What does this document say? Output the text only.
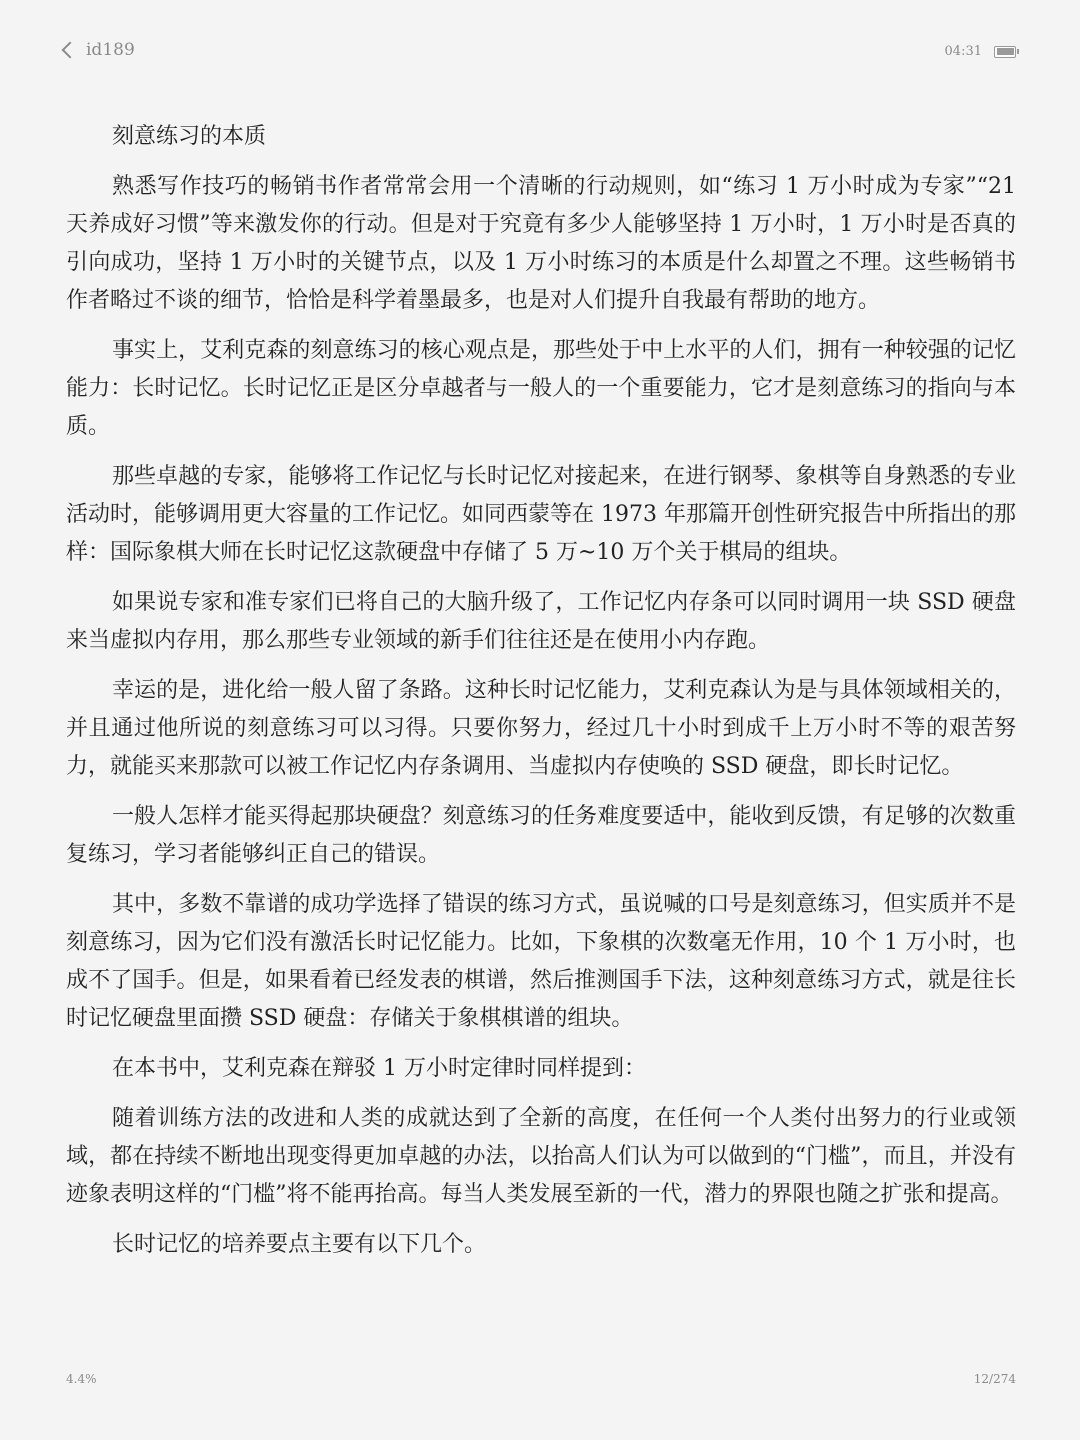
id189	04:31

刻意练习的本质

熟悉写作技巧的畅销书作者常常会用一个清晰的行动规则，如“练习 1 万小时成为专家”“21 天养成好习惯”等来激发你的行动。但是对于究竟有多少人能够坚持 1 万小时，1 万小时是否真的引向成功，坚持 1 万小时的关键节点，以及 1 万小时练习的本质是什么却置之不理。这些畅销书作者略过不谈的细节，恰恰是科学着墨最多，也是对人们提升自我最有帮助的地方。

事实上，艾利克森的刻意练习的核心观点是，那些处于中上水平的人们，拥有一种较强的记忆能力：长时记忆。长时记忆正是区分卓越者与一般人的一个重要能力，它才是刻意练习的指向与本质。

那些卓越的专家，能够将工作记忆与长时记忆对接起来，在进行钢琴、象棋等自身熟悉的专业活动时，能够调用更大容量的工作记忆。如同西蒙等在 1973 年那篇开创性研究报告中所指出的那样：国际象棋大师在长时记忆这款硬盘中存储了 5 万~10 万个关于棋局的组块。

如果说专家和准专家们已将自己的大脑升级了，工作记忆内存条可以同时调用一块 SSD 硬盘来当虚拟内存用，那么那些专业领域的新手们往往还是在使用小内存跑。

幸运的是，进化给一般人留了条路。这种长时记忆能力，艾利克森认为是与具体领域相关的，并且通过他所说的刻意练习可以习得。只要你努力，经过几十小时到成千上万小时不等的艰苦努力，就能买来那款可以被工作记忆内存条调用、当虚拟内存使唤的 SSD 硬盘，即长时记忆。

一般人怎样才能买得起那块硬盘？刻意练习的任务难度要适中，能收到反馈，有足够的次数重复练习，学习者能够纠正自己的错误。

其中，多数不靠谱的成功学选择了错误的练习方式，虽说喊的口号是刻意练习，但实质并不是刻意练习，因为它们没有激活长时记忆能力。比如，下象棋的次数毫无作用，10 个 1 万小时，也成不了国手。但是，如果看着已经发表的棋谱，然后推测国手下法，这种刻意练习方式，就是往长时记忆硬盘里面攒 SSD 硬盘：存储关于象棋棋谱的组块。

在本书中，艾利克森在辩驳 1 万小时定律时同样提到：

随着训练方法的改进和人类的成就达到了全新的高度，在任何一个人类付出努力的行业或领域，都在持续不断地出现变得更加卓越的办法，以抬高人们认为可以做到的“门槛”，而且，并没有迹象表明这样的“门槛”将不能再抬高。每当人类发展至新的一代，潜力的界限也随之扩张和提高。

长时记忆的培养要点主要有以下几个。

4.4%	12/274
